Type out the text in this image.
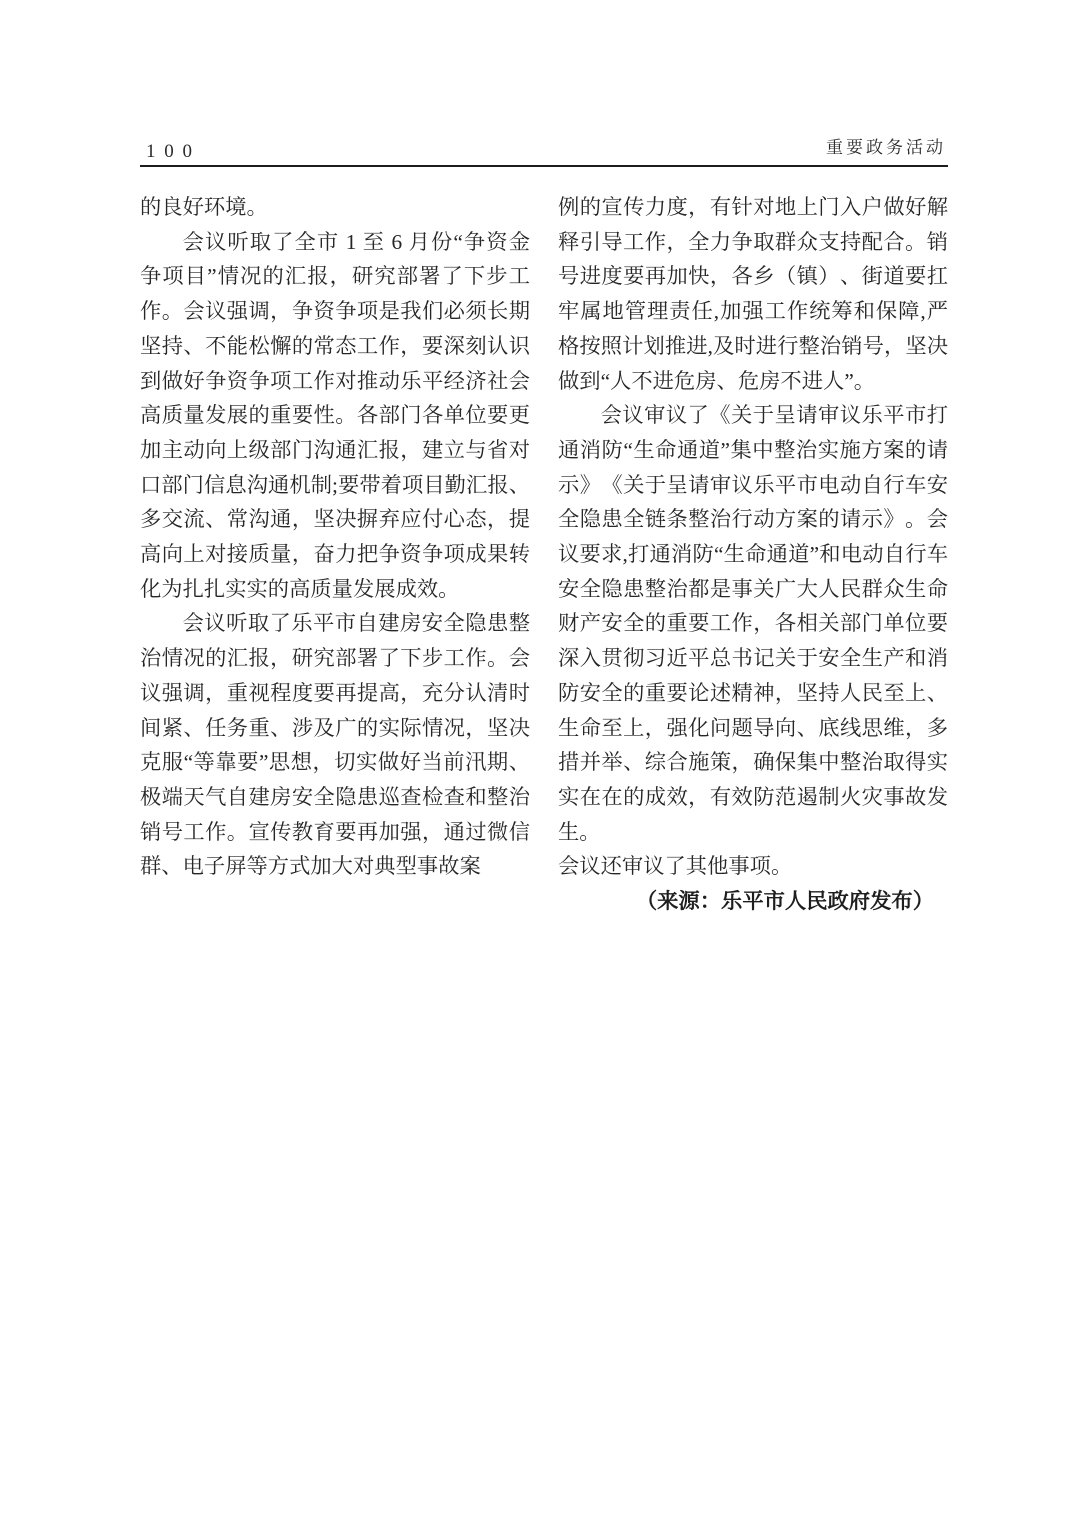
1 0 0	重要政务活动

的良好环境。

会议听取了全市 1 至 6 月份“争资金争项目”情况的汇报，研究部署了下步工作。会议强调，争资争项是我们必须长期坚持、不能松懈的常态工作，要深刻认识到做好争资争项工作对推动乐平经济社会高质量发展的重要性。各部门各单位要更加主动向上级部门沟通汇报，建立与省对口部门信息沟通机制;要带着项目勤汇报、多交流、常沟通，坚决摒弃应付心态，提高向上对接质量，奋力把争资争项成果转化为扎扎实实的高质量发展成效。

会议听取了乐平市自建房安全隐患整治情况的汇报，研究部署了下步工作。会议强调，重视程度要再提高，充分认清时间紧、任务重、涉及广的实际情况，坚决克服“等靠要”思想，切实做好当前汛期、极端天气自建房安全隐患巡查检查和整治销号工作。宣传教育要再加强，通过微信群、电子屏等方式加大对典型事故案

例的宣传力度，有针对地上门入户做好解释引导工作，全力争取群众支持配合。销号进度要再加快，各乡（镇）、街道要扛牢属地管理责任,加强工作统筹和保障,严格按照计划推进,及时进行整治销号，坚决做到“人不进危房、危房不进人”。

会议审议了《关于呈请审议乐平市打通消防“生命通道”集中整治实施方案的请示》《关于呈请审议乐平市电动自行车安全隐患全链条整治行动方案的请示》。会议要求,打通消防“生命通道”和电动自行车安全隐患整治都是事关广大人民群众生命财产安全的重要工作，各相关部门单位要深入贯彻习近平总书记关于安全生产和消防安全的重要论述精神，坚持人民至上、生命至上，强化问题导向、底线思维，多措并举、综合施策，确保集中整治取得实实在在的成效，有效防范遏制火灾事故发生。

会议还审议了其他事项。

（来源：乐平市人民政府发布）
